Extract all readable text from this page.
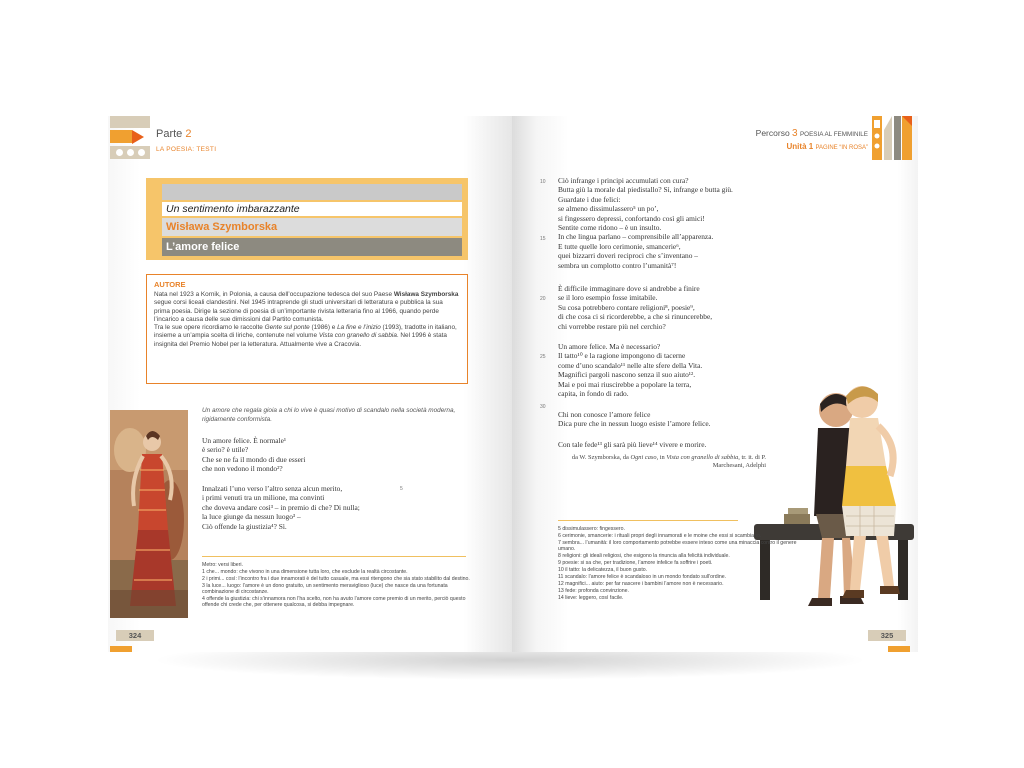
Parte 2
LA POESIA: TESTI
Un sentimento imbarazzante
Wisława Szymborska
L’amore felice
AUTORE

Nata nel 1923 a Kornik, in Polonia, a causa dell’occupazione tedesca del suo Paese Wisława Szymborska segue corsi liceali clandestini. Nel 1945 intraprende gli studi universitari di letteratura e pubblica la sua prima poesia. Dirige la sezione di poesia di un’importante rivista letteraria fino al 1966, quando perde l’incarico a causa delle sue dimissioni dal Partito comunista.

Tra le sue opere ricordiamo le raccolte Gente sul ponte (1986) e La fine e l’inizio (1993), tradotte in italiano, insieme a un’ampia scelta di liriche, contenute nel volume Vista con granello di sabbia. Nel 1996 è stata insignita del Premio Nobel per la letteratura. Attualmente vive a Cracovia.

Un amore che regala gioia a chi lo vive è quasi motivo di scandalo nella società moderna, rigidamente conformista.
Un amore felice. È normale¹
è serio? è utile?
Che se ne fa il mondo di due esseri
che non vedono il mondo²?
Innalzati l’uno verso l’altro senza alcun merito,
i primi venuti tra un milione, ma convinti
che doveva andare così³ – in premio di che? Di nulla;
la luce giunge da nessun luogo³ –
Ciò offende la giustizia⁴? Sì.
5
Metro: versi liberi.
1 che... mondo: che vivono in una dimensione tutta loro, che esclude la realtà circostante.
2 i primi... così: l’incontro fra i due innamorati è del tutto casuale, ma essi ritengono che sia stato stabilito dal destino.
3 la luce... luogo: l’amore è un dono gratuito, un sentimento meraviglioso (luce) che nasce da una fortunata combinazione di circostanze.
4 offende la giustizia: chi s’innamora non l’ha scelto, non ha avuto l’amore come premio di un merito, perciò questo offende chi crede che, per ottenere qualcosa, si debba impegnare.
324
Percorso 3 POESIA AL FEMMINILE
Unità 1 PAGINE “IN ROSA”
10
15
20
25
30
Ciò infrange i principi accumulati con cura?
Butta giù la morale dal piedistallo? Sì, infrange e butta giù.
Guardate i due felici:
se almeno dissimulassero⁵ un po’,
si fingessero depressi, confortando così gli amici!
Sentite come ridono – è un insulto.
In che lingua parlano – comprensibile all’apparenza.
E tutte quelle loro cerimonie, smancerie⁶,
quei bizzarri doveri reciproci che s’inventano –
sembra un complotto contro l’umanità⁷!
È difficile immaginare dove si andrebbe a finire
se il loro esempio fosse imitabile.
Su cosa potrebbero contare religioni⁸, poesie⁹,
di che cosa ci si ricorderebbe, a che si rinuncerebbe,
chi vorrebbe restare più nel cerchio?
Un amore felice. Ma è necessario?
Il tatto¹⁰ e la ragione impongono di tacerne
come d’uno scandalo¹¹ nelle alte sfere della Vita.
Magnifici pargoli nascono senza il suo aiuto¹².
Mai e poi mai riuscirebbe a popolare la terra,
capita, in fondo di rado.
Chi non conosce l’amore felice
Dica pure che in nessun luogo esiste l’amore felice.
Con tale fede¹³ gli sarà più lieve¹⁴ vivere e morire.
da W. Szymborska, da Ogni caso, in Vista con granello di sabbia, tr. it. di P. Marchesani, Adelphi
5 dissimulassero: fingessero.
6 cerimonie, smancerie: i rituali propri degli innamorati e le moine che essi si scambiano.
7 sembra... l’umanità: il loro comportamento potrebbe essere inteso come una minaccia contro il genere umano.
8 religioni: gli ideali religiosi, che esigono la rinuncia alla felicità individuale.
9 poesie: si sa che, per tradizione, l’amore infelice fa soffrire i poeti.
10 il tatto: la delicatezza, il buon gusto.
11 scandalo: l’amore felice è scandaloso in un mondo fondato sull’ordine.
12 magnifici... aiuto: per far nascere i bambini l’amore non è necessario.
13 fede: profonda convinzione.
14 lieve: leggero, così facile.
325
